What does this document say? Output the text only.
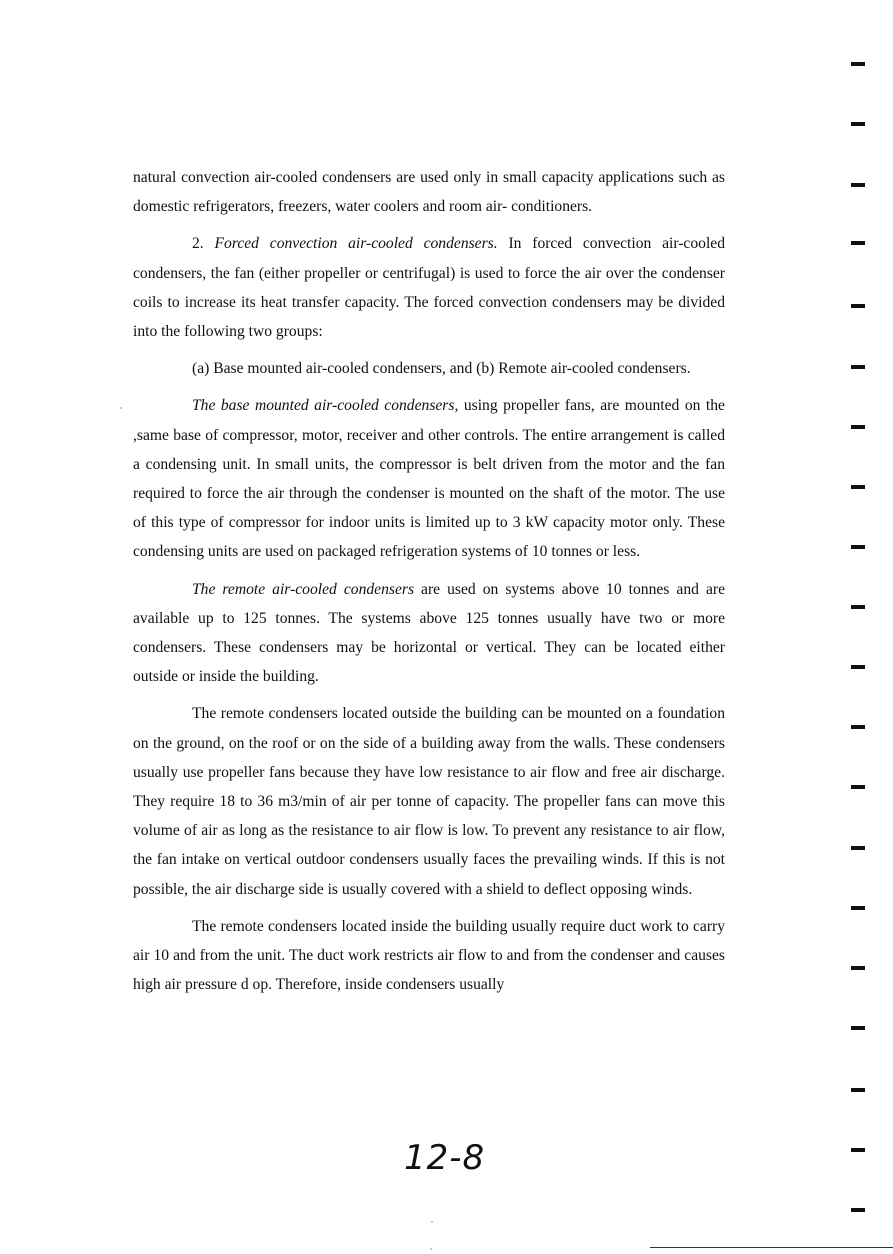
natural convection air-cooled condensers are used only in small capacity applications such as domestic refrigerators, freezers, water coolers and room air- conditioners.

2. Forced convection air-cooled condensers. In forced convection air-cooled condensers, the fan (either propeller or centrifugal) is used to force the air over the condenser coils to increase its heat transfer capacity. The forced convection condensers may be divided into the following two groups:

(a) Base mounted air-cooled condensers, and (b) Remote air-cooled condensers.

The base mounted air-cooled condensers, using propeller fans, are mounted on the ,same base of compressor, motor, receiver and other controls. The entire arrangement is called a condensing unit. In small units, the compressor is belt driven from the motor and the fan required to force the air through the condenser is mounted on the shaft of the motor. The use of this type of compressor for indoor units is limited up to 3 kW capacity motor only. These condensing units are used on packaged refrigeration systems of 10 tonnes or less.

The remote air-cooled condensers are used on systems above 10 tonnes and are available up to 125 tonnes. The systems above 125 tonnes usually have two or more condensers. These condensers may be horizontal or vertical. They can be located either outside or inside the building.

The remote condensers located outside the building can be mounted on a foundation on the ground, on the roof or on the side of a building away from the walls. These condensers usually use propeller fans because they have low resistance to air flow and free air discharge. They require 18 to 36 m3/min of air per tonne of capacity. The propeller fans can move this volume of air as long as the resistance to air flow is low. To prevent any resistance to air flow, the fan intake on vertical outdoor condensers usually faces the prevailing winds. If this is not possible, the air discharge side is usually covered with a shield to deflect opposing winds.

The remote condensers located inside the building usually require duct work to carry air 10 and from the unit. The duct work restricts air flow to and from the condenser and causes high air pressure d op. Therefore, inside condensers usually

12-8
